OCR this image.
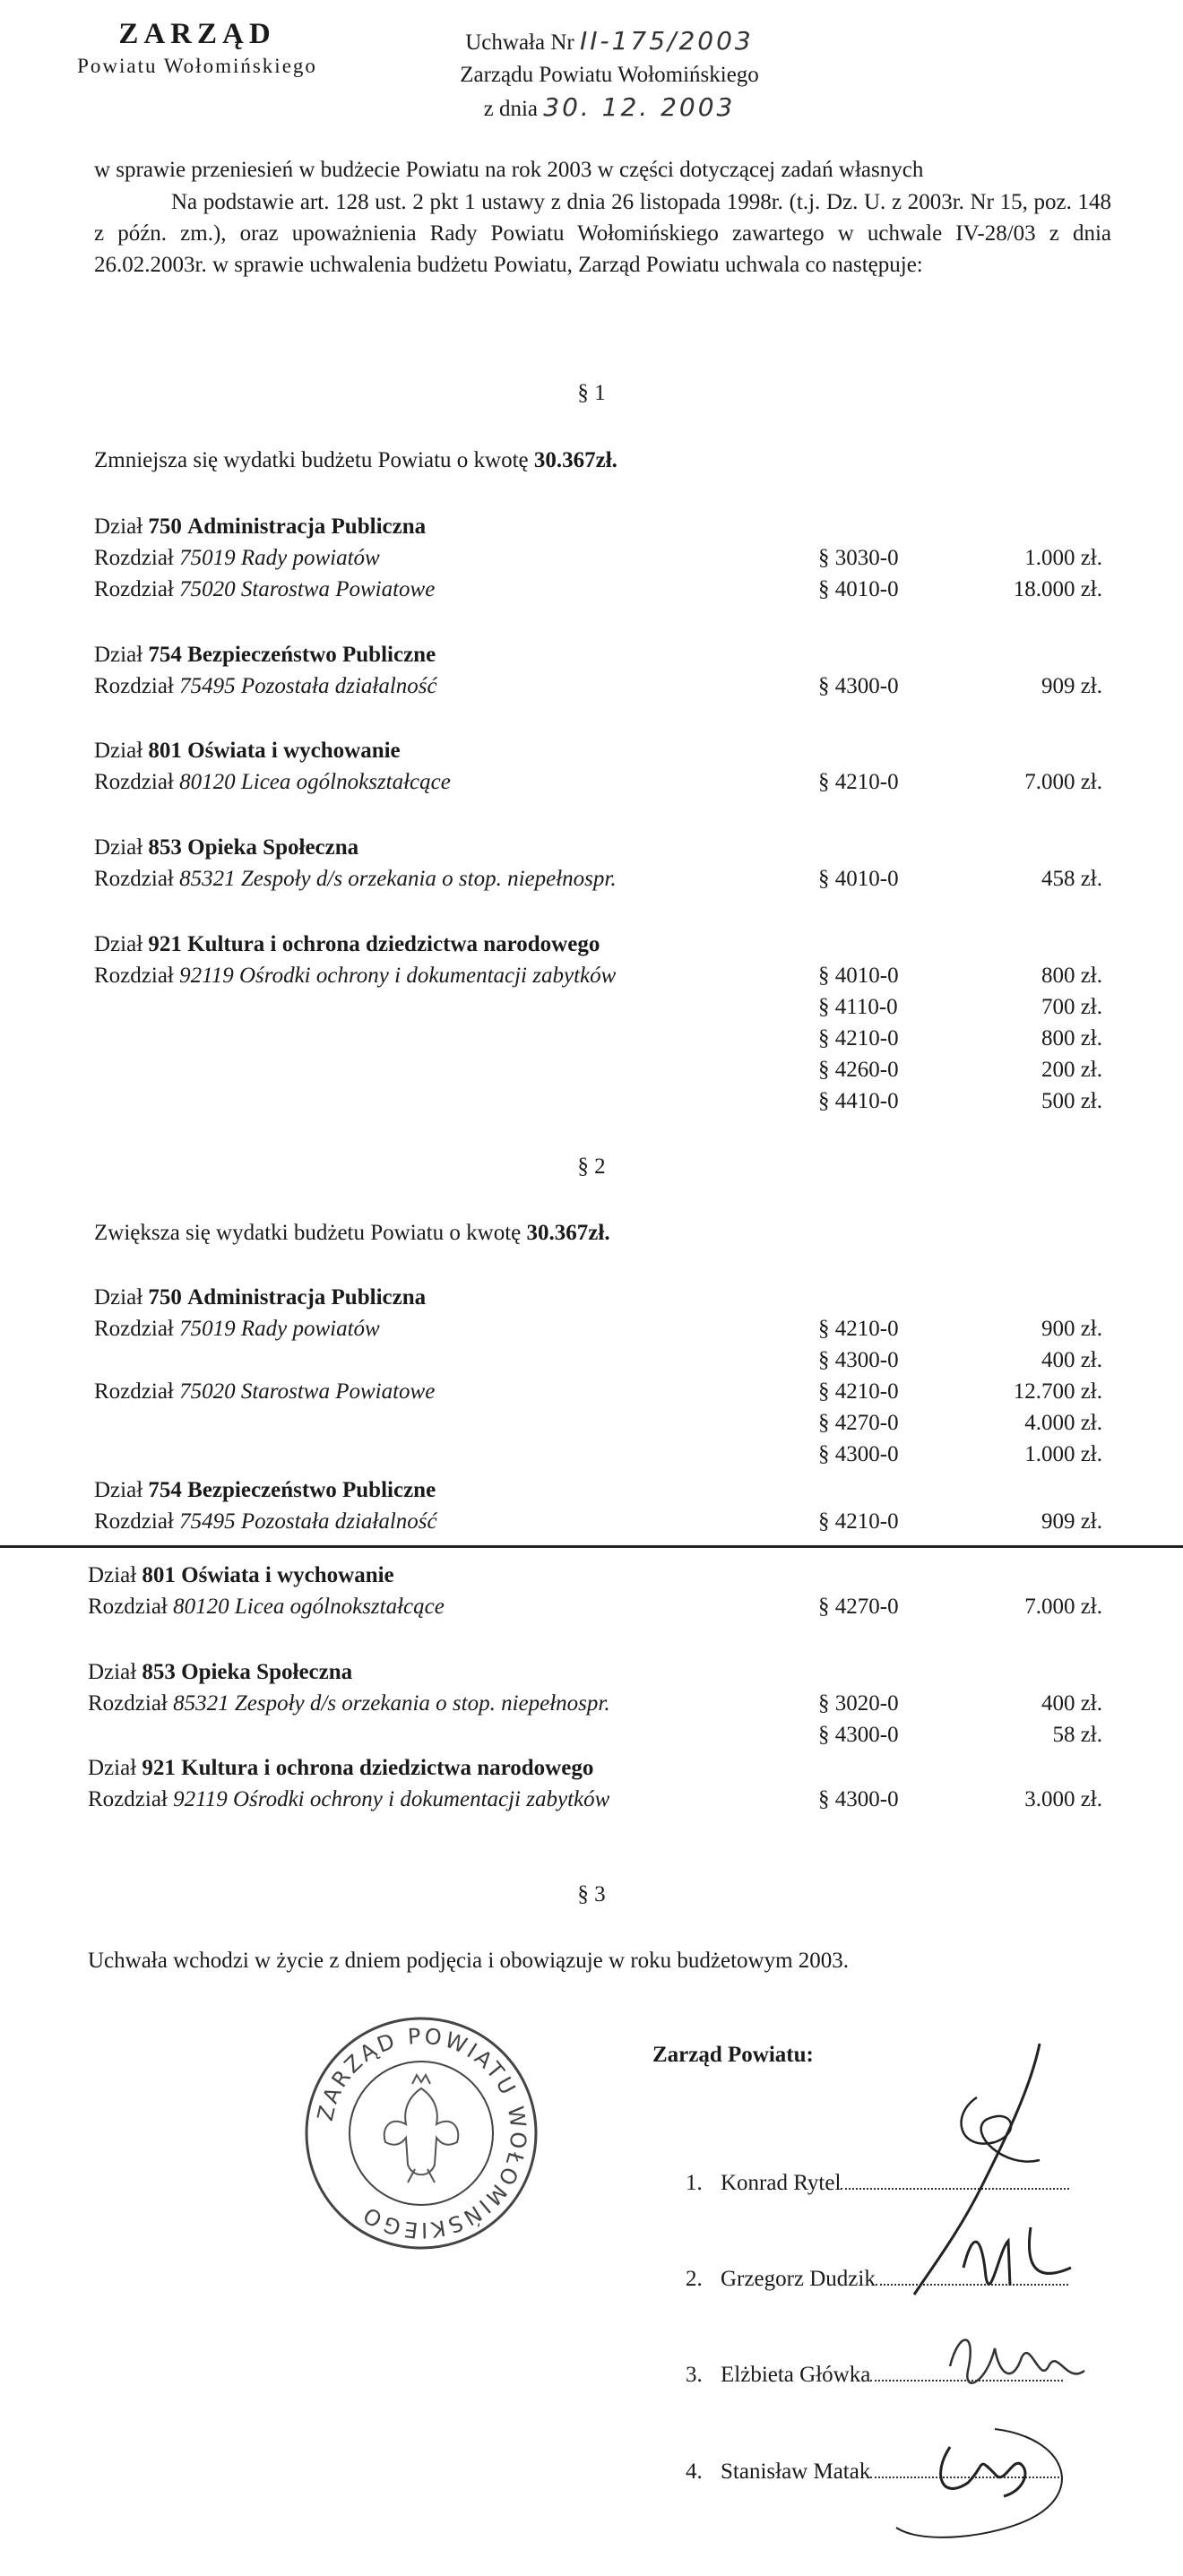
ZARZĄD
Powiatu Wołomińskiego
Uchwała Nr II-175/2003
Zarządu Powiatu Wołomińskiego
z dnia 30. 12. 2003
w sprawie przeniesień w budżecie Powiatu na rok 2003 w części dotyczącej zadań własnych
Na podstawie art. 128 ust. 2 pkt 1 ustawy z dnia 26 listopada 1998r. (t.j. Dz. U. z 2003r. Nr 15, poz. 148 z późn. zm.), oraz upoważnienia Rady Powiatu Wołomińskiego zawartego w uchwale IV-28/03 z dnia 26.02.2003r. w sprawie uchwalenia budżetu Powiatu, Zarząd Powiatu uchwala co następuje:
§ 1
Zmniejsza się wydatki budżetu Powiatu o kwotę 30.367zł.
Dział 750 Administracja Publiczna
Rozdział 75019 Rady powiatów	§ 3030-0	1.000 zł.
Rozdział 75020 Starostwa Powiatowe	§ 4010-0	18.000 zł.
Dział 754 Bezpieczeństwo Publiczne
Rozdział 75495 Pozostała działalność	§ 4300-0	909 zł.
Dział 801 Oświata i wychowanie
Rozdział 80120 Licea ogólnokształcące	§ 4210-0	7.000 zł.
Dział 853 Opieka Społeczna
Rozdział 85321 Zespoły d/s orzekania o stop. niepełnospr.	§ 4010-0	458 zł.
Dział 921 Kultura i ochrona dziedzictwa narodowego
Rozdział 92119 Ośrodki ochrony i dokumentacji zabytków	§ 4010-0	800 zł.
§ 4110-0	700 zł.
§ 4210-0	800 zł.
§ 4260-0	200 zł.
§ 4410-0	500 zł.
§ 2
Zwiększa się wydatki budżetu Powiatu o kwotę 30.367zł.
Dział 750 Administracja Publiczna
Rozdział 75019 Rady powiatów	§ 4210-0	900 zł.
§ 4300-0	400 zł.
Rozdział 75020 Starostwa Powiatowe	§ 4210-0	12.700 zł.
§ 4270-0	4.000 zł.
§ 4300-0	1.000 zł.
Dział 754 Bezpieczeństwo Publiczne
Rozdział 75495 Pozostała działalność	§ 4210-0	909 zł.
Dział 801 Oświata i wychowanie
Rozdział 80120 Licea ogólnokształcące	§ 4270-0	7.000 zł.
Dział 853 Opieka Społeczna
Rozdział 85321 Zespoły d/s orzekania o stop. niepełnospr.	§ 3020-0	400 zł.
§ 4300-0	58 zł.
Dział 921 Kultura i ochrona dziedzictwa narodowego
Rozdział 92119 Ośrodki ochrony i dokumentacji zabytków	§ 4300-0	3.000 zł.
§ 3
Uchwała wchodzi w życie z dniem podjęcia i obowiązuje w roku budżetowym 2003.
Zarząd Powiatu:
1. Konrad Rytel
2. Grzegorz Dudzik
3. Elżbieta Główka
4. Stanisław Matak
ZARZĄD POWIATU WOŁOMIŃSKIEGO
